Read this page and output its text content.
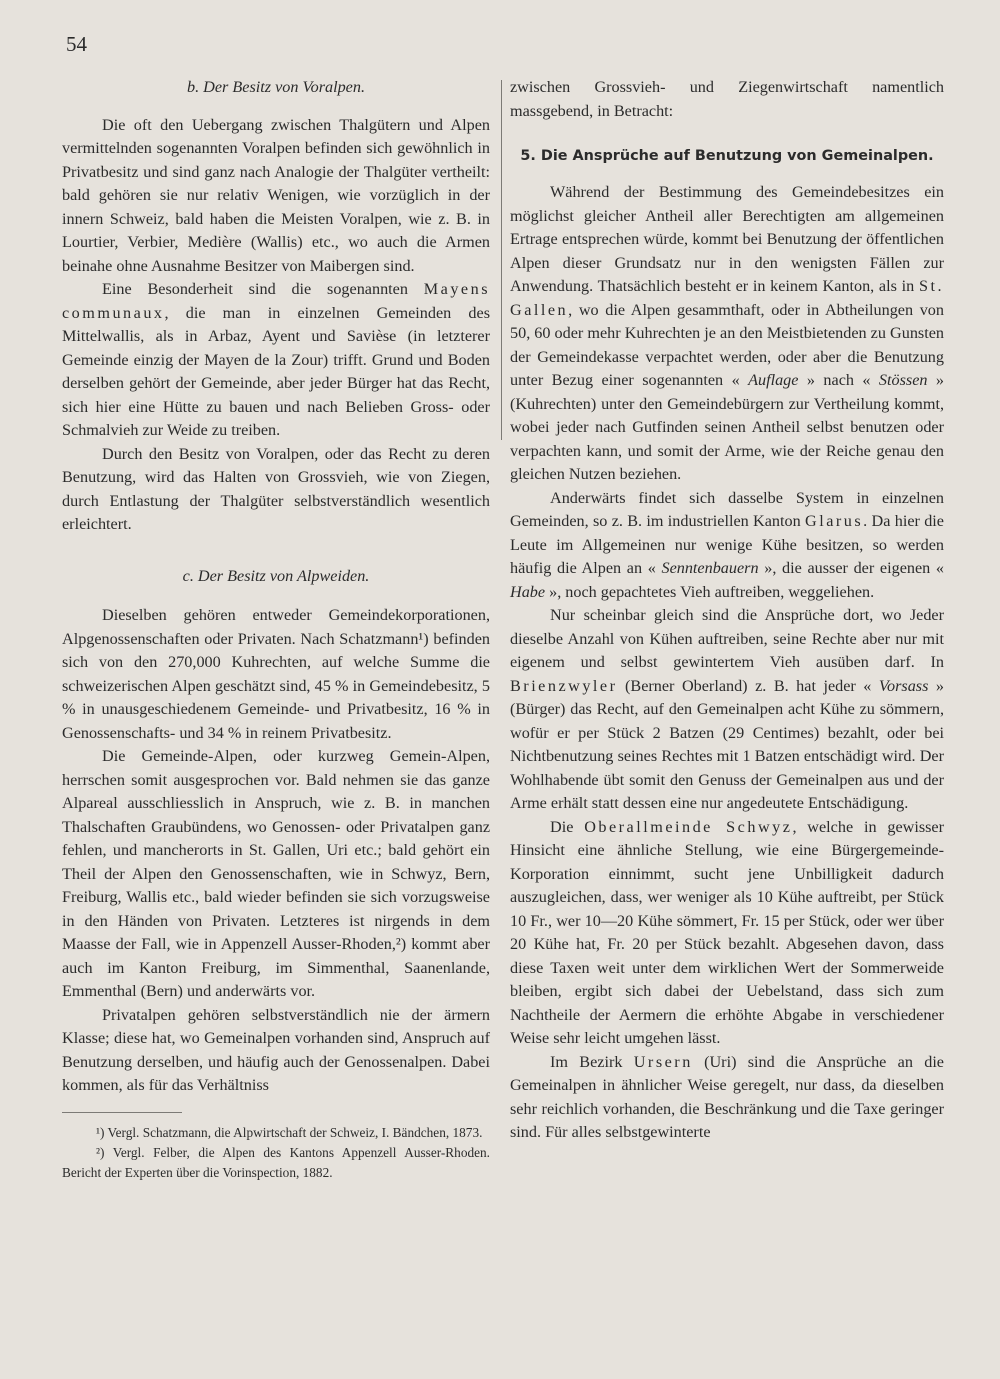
54

b. Der Besitz von Voralpen.

Die oft den Uebergang zwischen Thalgütern und Alpen vermittelnden sogenannten Voralpen befinden sich gewöhnlich in Privatbesitz und sind ganz nach Analogie der Thalgüter vertheilt: bald gehören sie nur relativ Wenigen, wie vorzüglich in der innern Schweiz, bald haben die Meisten Voralpen, wie z. B. in Lourtier, Verbier, Medière (Wallis) etc., wo auch die Armen beinahe ohne Ausnahme Besitzer von Maibergen sind.

Eine Besonderheit sind die sogenannten Mayens communaux, die man in einzelnen Gemeinden des Mittelwallis, als in Arbaz, Ayent und Savièse (in letzterer Gemeinde einzig der Mayen de la Zour) trifft. Grund und Boden derselben gehört der Gemeinde, aber jeder Bürger hat das Recht, sich hier eine Hütte zu bauen und nach Belieben Gross- oder Schmalvieh zur Weide zu treiben.

Durch den Besitz von Voralpen, oder das Recht zu deren Benutzung, wird das Halten von Grossvieh, wie von Ziegen, durch Entlastung der Thalgüter selbstverständlich wesentlich erleichtert.

c. Der Besitz von Alpweiden.

Dieselben gehören entweder Gemeindekorporationen, Alpgenossenschaften oder Privaten. Nach Schatzmann¹) befinden sich von den 270,000 Kuhrechten, auf welche Summe die schweizerischen Alpen geschätzt sind, 45 % in Gemeindebesitz, 5 % in unausgeschiedenem Gemeinde- und Privatbesitz, 16 % in Genossenschafts- und 34 % in reinem Privatbesitz.

Die Gemeinde-Alpen, oder kurzweg Gemein-Alpen, herrschen somit ausgesprochen vor. Bald nehmen sie das ganze Alpareal ausschliesslich in Anspruch, wie z. B. in manchen Thalschaften Graubündens, wo Genossen- oder Privatalpen ganz fehlen, und mancherorts in St. Gallen, Uri etc.; bald gehört ein Theil der Alpen den Genossenschaften, wie in Schwyz, Bern, Freiburg, Wallis etc., bald wieder befinden sie sich vorzugsweise in den Händen von Privaten. Letzteres ist nirgends in dem Maasse der Fall, wie in Appenzell Ausser-Rhoden,²) kommt aber auch im Kanton Freiburg, im Simmenthal, Saanenlande, Emmenthal (Bern) und anderwärts vor.

Privatalpen gehören selbstverständlich nie der ärmern Klasse; diese hat, wo Gemeinalpen vorhanden sind, Anspruch auf Benutzung derselben, und häufig auch der Genossenalpen. Dabei kommen, als für das Verhältniss

¹) Vergl. Schatzmann, die Alpwirtschaft der Schweiz, I. Bändchen, 1873.

²) Vergl. Felber, die Alpen des Kantons Appenzell Ausser-Rhoden. Bericht der Experten über die Vorinspection, 1882.

zwischen Grossvieh- und Ziegenwirtschaft namentlich massgebend, in Betracht:

5. Die Ansprüche auf Benutzung von Gemeinalpen.

Während der Bestimmung des Gemeindebesitzes ein möglichst gleicher Antheil aller Berechtigten am allgemeinen Ertrage entsprechen würde, kommt bei Benutzung der öffentlichen Alpen dieser Grundsatz nur in den wenigsten Fällen zur Anwendung. Thatsächlich besteht er in keinem Kanton, als in St. Gallen, wo die Alpen gesammthaft, oder in Abtheilungen von 50, 60 oder mehr Kuhrechten je an den Meistbietenden zu Gunsten der Gemeindekasse verpachtet werden, oder aber die Benutzung unter Bezug einer sogenannten « Auflage » nach « Stössen » (Kuhrechten) unter den Gemeindebürgern zur Vertheilung kommt, wobei jeder nach Gutfinden seinen Antheil selbst benutzen oder verpachten kann, und somit der Arme, wie der Reiche genau den gleichen Nutzen beziehen.

Anderwärts findet sich dasselbe System in einzelnen Gemeinden, so z. B. im industriellen Kanton Glarus. Da hier die Leute im Allgemeinen nur wenige Kühe besitzen, so werden häufig die Alpen an « Senntenbauern », die ausser der eigenen « Habe », noch gepachtetes Vieh auftreiben, weggeliehen.

Nur scheinbar gleich sind die Ansprüche dort, wo Jeder dieselbe Anzahl von Kühen auftreiben, seine Rechte aber nur mit eigenem und selbst gewintertem Vieh ausüben darf. In Brienzwyler (Berner Oberland) z. B. hat jeder « Vorsass » (Bürger) das Recht, auf den Gemeinalpen acht Kühe zu sömmern, wofür er per Stück 2 Batzen (29 Centimes) bezahlt, oder bei Nichtbenutzung seines Rechtes mit 1 Batzen entschädigt wird. Der Wohlhabende übt somit den Genuss der Gemeinalpen aus und der Arme erhält statt dessen eine nur angedeutete Entschädigung.

Die Oberallmeinde Schwyz, welche in gewisser Hinsicht eine ähnliche Stellung, wie eine Bürgergemeinde-Korporation einnimmt, sucht jene Unbilligkeit dadurch auszugleichen, dass, wer weniger als 10 Kühe auftreibt, per Stück 10 Fr., wer 10—20 Kühe sömmert, Fr. 15 per Stück, oder wer über 20 Kühe hat, Fr. 20 per Stück bezahlt. Abgesehen davon, dass diese Taxen weit unter dem wirklichen Wert der Sommerweide bleiben, ergibt sich dabei der Uebelstand, dass sich zum Nachtheile der Aermern die erhöhte Abgabe in verschiedener Weise sehr leicht umgehen lässt.

Im Bezirk Ursern (Uri) sind die Ansprüche an die Gemeinalpen in ähnlicher Weise geregelt, nur dass, da dieselben sehr reichlich vorhanden, die Beschränkung und die Taxe geringer sind. Für alles selbstgewinterte
